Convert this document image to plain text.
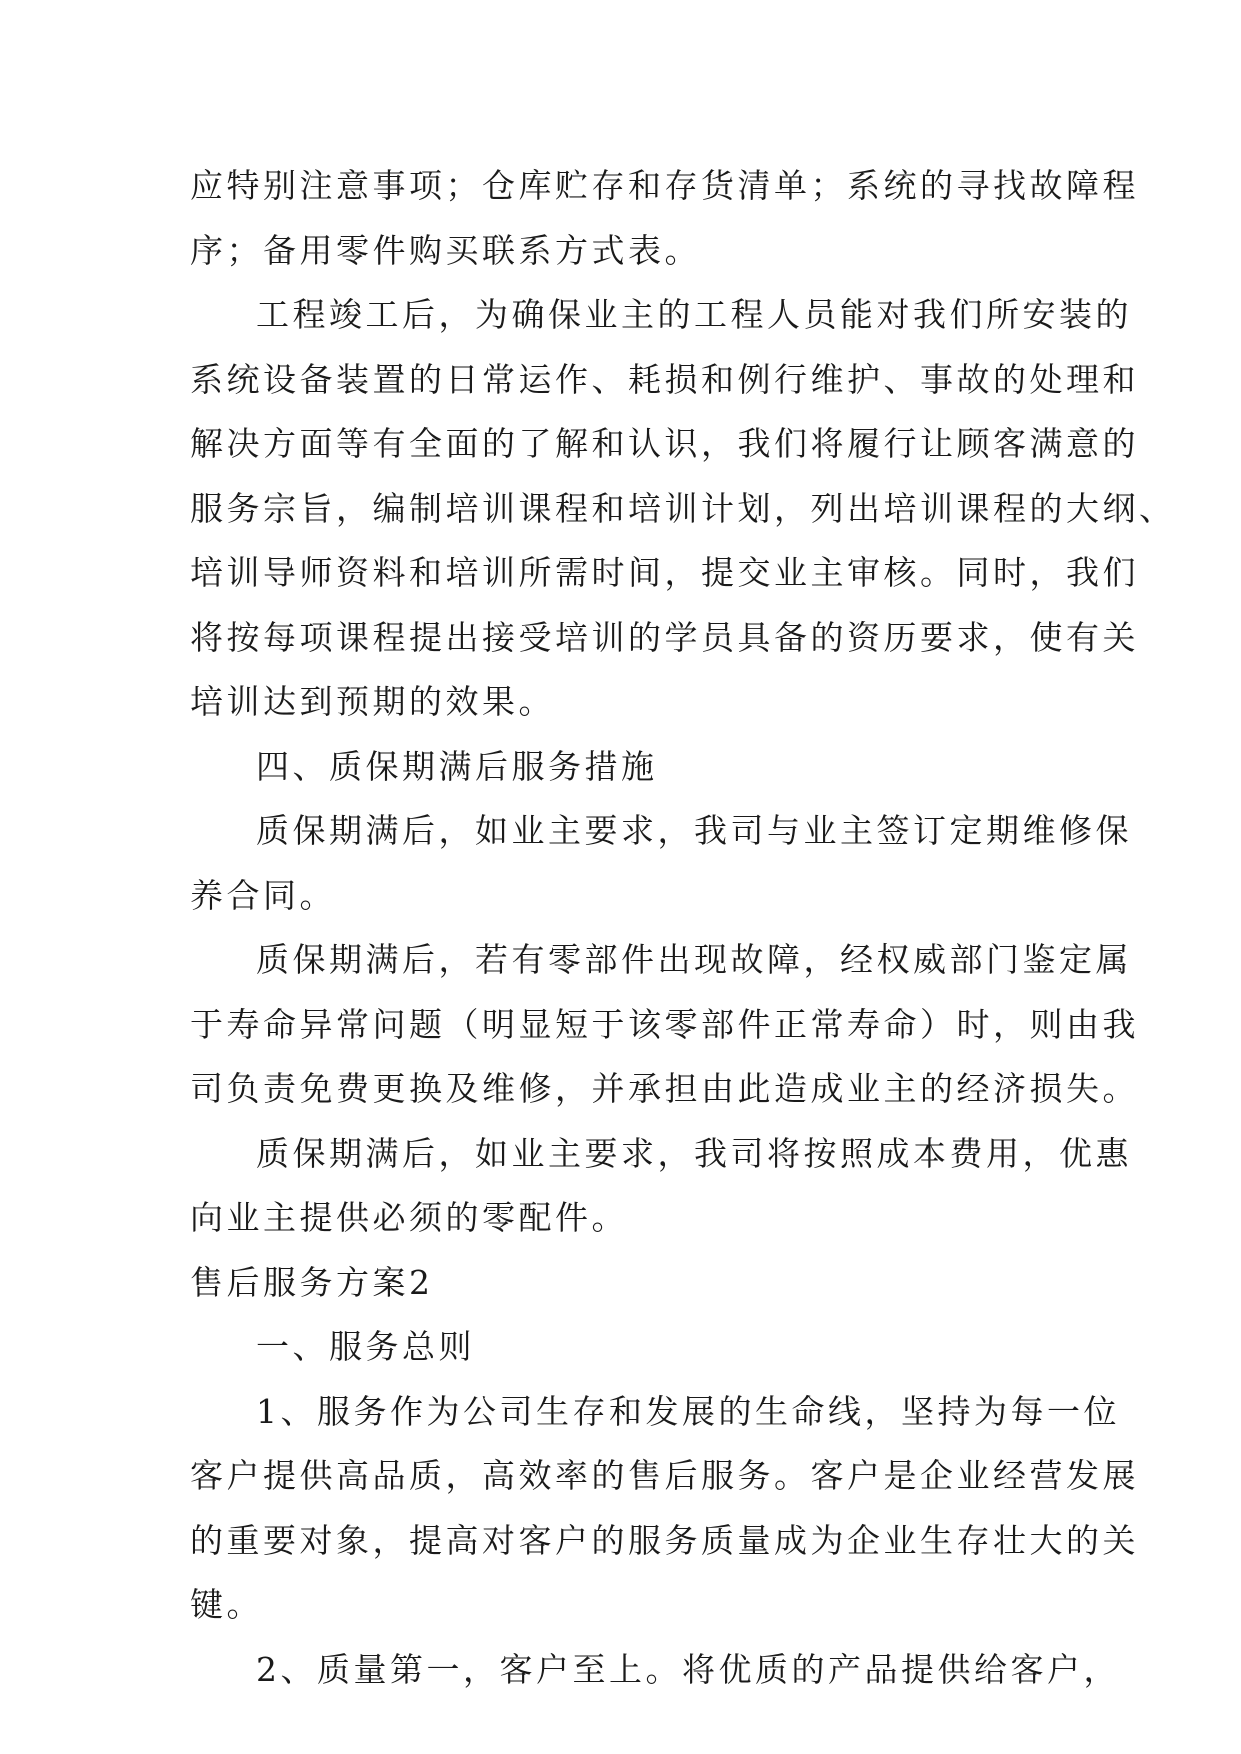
应特别注意事项；仓库贮存和存货清单；系统的寻找故障程
序；备用零件购买联系方式表。
工程竣工后，为确保业主的工程人员能对我们所安装的
系统设备装置的日常运作、耗损和例行维护、事故的处理和
解决方面等有全面的了解和认识，我们将履行让顾客满意的
服务宗旨，编制培训课程和培训计划，列出培训课程的大纲、
培训导师资料和培训所需时间，提交业主审核。同时，我们
将按每项课程提出接受培训的学员具备的资历要求，使有关
培训达到预期的效果。
四、质保期满后服务措施
质保期满后，如业主要求，我司与业主签订定期维修保
养合同。
质保期满后，若有零部件出现故障，经权威部门鉴定属
于寿命异常问题（明显短于该零部件正常寿命）时，则由我
司负责免费更换及维修，并承担由此造成业主的经济损失。
质保期满后，如业主要求，我司将按照成本费用，优惠
向业主提供必须的零配件。
售后服务方案2
一、服务总则
1、服务作为公司生存和发展的生命线，坚持为每一位
客户提供高品质，高效率的售后服务。客户是企业经营发展
的重要对象，提高对客户的服务质量成为企业生存壮大的关
键。
2、质量第一，客户至上。将优质的产品提供给客户，
